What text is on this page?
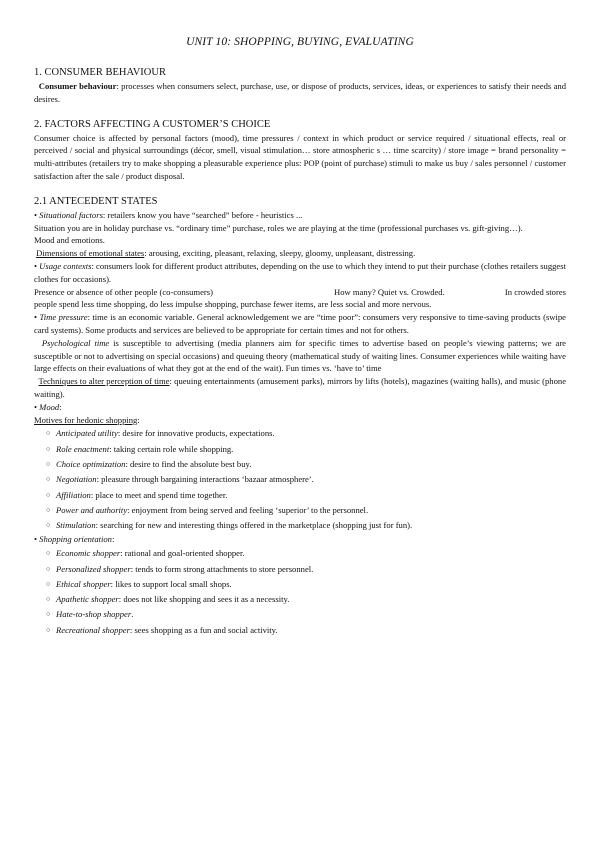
UNIT 10: SHOPPING, BUYING, EVALUATING
1. CONSUMER BEHAVIOUR

Consumer behaviour: processes when consumers select, purchase, use, or dispose of products, services, ideas, or experiences to satisfy their needs and desires.

2. FACTORS AFFECTING A CUSTOMER’S CHOICE

Consumer choice is affected by personal factors (mood), time pressures / context in which product or service required / situational effects, real or perceived / social and physical surroundings (décor, smell, visual stimulation… store atmospheric s … time scarcity) / store image = brand personality = multi-attributes (retailers try to make shopping a pleasurable experience plus: POP (point of purchase) stimuli to make us buy / sales personnel / customer satisfaction after the sale / product disposal.

2.1 ANTECEDENT STATES

• Situational factors: retailers know you have “searched” before - heuristics ...

Situation you are in holiday purchase vs. “ordinary time” purchase, roles we are playing at the time (professional purchases vs. gift-giving…).

Mood and emotions.

Dimensions of emotional states: arousing, exciting, pleasant, relaxing, sleepy, gloomy, unpleasant, distressing.

• Usage contexts: consumers look for different product attributes, depending on the use to which they intend to put their purchase (clothes retailers suggest clothes for occasions).

Presence or absence of other people (co-consumers)	How many? Quiet vs. Crowded.	In crowded stores

people spend less time shopping, do less impulse shopping, purchase fewer items, are less social and more nervous.

• Time pressure: time is an economic variable. General acknowledgement we are “time poor”: consumers very responsive to time-saving products (swipe card systems). Some products and services are believed to be appropriate for certain times and not for others.

Psychological time is susceptible to advertising (media planners aim for specific times to advertise based on people’s viewing patterns; we are susceptible or not to advertising on special occasions) and queuing theory (mathematical study of waiting lines. Consumer experiences while waiting have large effects on their evaluations of what they got at the end of the wait). Fun times vs. ‘have to’ time

Techniques to alter perception of time: queuing entertainments (amusement parks), mirrors by lifts (hotels), magazines (waiting halls), and music (phone waiting).

• Mood:

Motives for hedonic shopping:

○ Anticipated utility: desire for innovative products, expectations.
○ Role enactment: taking certain role while shopping.
○ Choice optimization: desire to find the absolute best buy.
○ Negotiation: pleasure through bargaining interactions ‘bazaar atmosphere’.
○ Affiliation: place to meet and spend time together.
○ Power and authority: enjoyment from being served and feeling ‘superior’ to the personnel.
○ Stimulation: searching for new and interesting things offered in the marketplace (shopping just for fun).

• Shopping orientation:

○ Economic shopper: rational and goal-oriented shopper.
○ Personalized shopper: tends to form strong attachments to store personnel.
○ Ethical shopper: likes to support local small shops.
○ Apathetic shopper: does not like shopping and sees it as a necessity.
○ Hate-to-shop shopper.
○ Recreational shopper: sees shopping as a fun and social activity.
